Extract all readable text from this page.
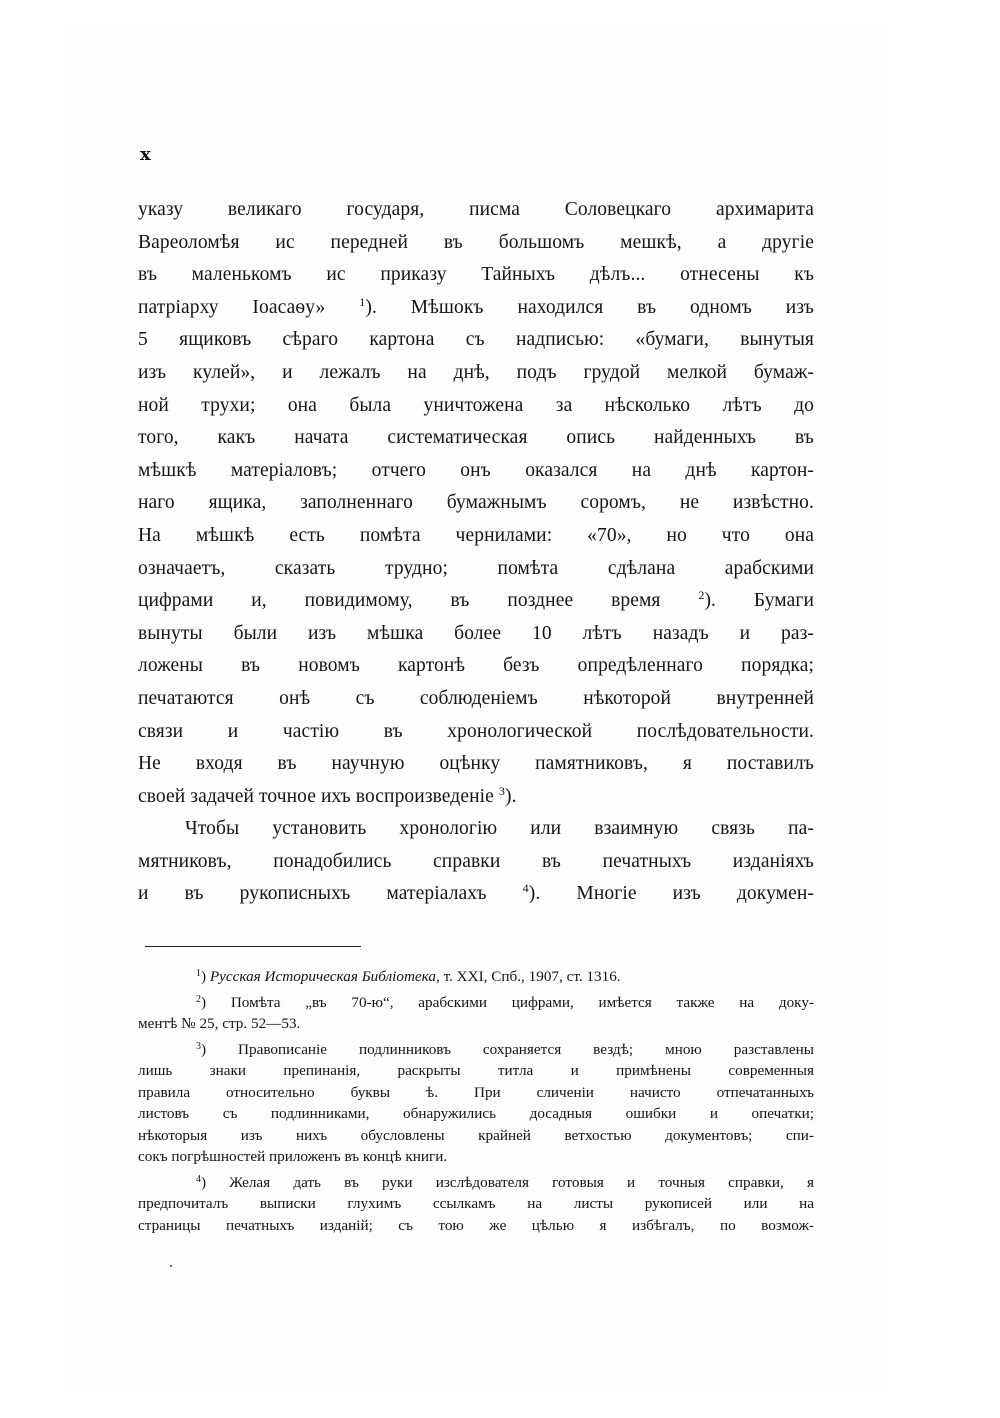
x
указу великаго государя, писма Соловецкаго архимарита
Вареоломѣя ис передней въ большомъ мешкѣ, а другіе
въ маленькомъ ис приказу Тайныхъ дѣлъ... отнесены къ
патріарху Іоасаѳу»	$^1$). Мѣшокъ находился въ одномъ изъ
5 ящиковъ сѣраго картона съ надписью: «бумаги, вынутыя
изъ кулей», и лежалъ на днѣ, подъ грудой мелкой бумаж-
ной трухи; она была уничтожена за нѣсколько лѣтъ до
того, какъ начата систематическая опись найденныхъ въ
мѣшкѣ матеріаловъ; отчего онъ оказался на днѣ картон-
наго ящика, заполненнаго бумажнымъ соромъ, не извѣстно.
На мѣшкѣ есть помѣта чернилами: «70», но что она
означаетъ, сказать трудно; помѣта сдѣлана арабскими
цифрами и, повидимому, въ позднее время	$^2$). Бумаги
вынуты были изъ мѣшка более 10 лѣтъ назадъ и раз-
ложены въ новомъ картонѣ безъ опредѣленнаго порядка;
печатаются онѣ съ соблюденіемъ нѣкоторой внутренней
связи и частію въ хронологической послѣдовательности.
Не входя въ научную оцѣнку памятниковъ, я поставилъ
своей задачей точное ихъ воспроизведеніе $^3$).
Чтобы установить хронологію или взаимную связь па-
мятниковъ, понадобились справки въ печатныхъ изданіяхъ
и въ рукописныхъ матеріалахъ	$^4$). Многіе изъ докумен-
$^1$) Русская Историческая Библіотека, т. XXI, Спб., 1907, ст. 1316.
$^2$) Помѣта „въ 70-ю“, арабскими цифрами, имѣется также на доку-
ментѣ № 25, стр. 52—53.
$^3$) Правописаніе подлинниковъ сохраняется вездѣ; мною разставлены
лишь знаки препинанія, раскрыты титла и примѣнены современныя
правила относительно буквы ѣ. При сличеніи начисто отпечатанныхъ
листовъ съ подлинниками, обнаружились досадныя ошибки и опечатки;
нѣкоторыя изъ нихъ обусловлены крайней ветхостью документовъ; спи-
сокъ погрѣшностей приложенъ въ концѣ книги.
$^4$) Желая дать въ руки изслѣдователя готовыя и точныя справки, я
предпочиталъ выписки глухимъ ссылкамъ на листы рукописей или на
страницы печатныхъ изданій; съ тою же цѣлью я избѣгалъ, по возмож-
